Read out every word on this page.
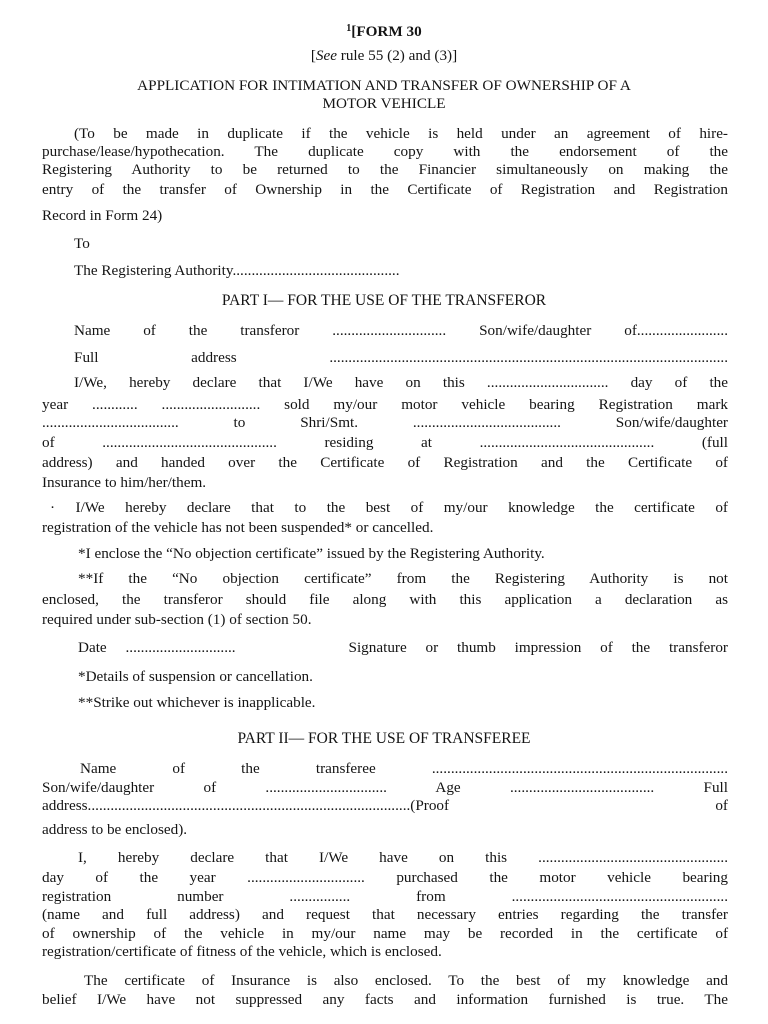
$^1$[FORM 30
[See rule 55 (2) and (3)]
APPLICATION FOR INTIMATION AND TRANSFER OF OWNERSHIP OF A
MOTOR VEHICLE
(To be made in duplicate if the vehicle is held under an agreement of hire-
purchase/lease/hypothecation. The duplicate copy with the endorsement of the
Registering Authority to be returned to the Financier simultaneously on making the
entry of the transfer of Ownership in the Certificate of Registration and Registration
Record in Form 24)
To
The Registering Authority............................................
PART I— FOR THE USE OF THE TRANSFEROR
Name of the transferor .............................. Son/wife/daughter of........................
Full address .........................................................................................................
I/We, hereby declare that I/We have on this ................................ day of the
year ............ .......................... sold my/our motor vehicle bearing Registration mark
.................................... to Shri/Smt. ....................................... Son/wife/daughter
of .............................................. residing at .............................................. (full
address) and handed over the Certificate of Registration and the Certificate of
Insurance to him/her/them.
· I/We hereby declare that to the best of my/our knowledge the certificate of
registration of the vehicle has not been suspended* or cancelled.
*I enclose the “No objection certificate” issued by the Registering Authority.
**If the “No objection certificate” from the Registering Authority is not
enclosed, the transferor should file along with this application a declaration as
required under sub-section (1) of section 50.
Date .............................      Signature or thumb impression of the transferor
*Details of suspension or cancellation.
**Strike out whichever is inapplicable.
PART II— FOR THE USE OF TRANSFEREE
Name of the transferee ..............................................................................
Son/wife/daughter of ................................ Age ...................................... Full
address.....................................................................................(Proof of
address to be enclosed).
I, hereby declare that I/We have on this ..................................................
day of the year ............................... purchased the motor vehicle bearing
registration number ................ from .........................................................
(name and full address) and request that necessary entries regarding the transfer
of ownership of the vehicle in my/our name may be recorded in the certificate of
registration/certificate of fitness of the vehicle, which is enclosed.
The certificate of Insurance is also enclosed. To the best of my knowledge and
belief I/We have not suppressed any facts and information furnished is true. The
